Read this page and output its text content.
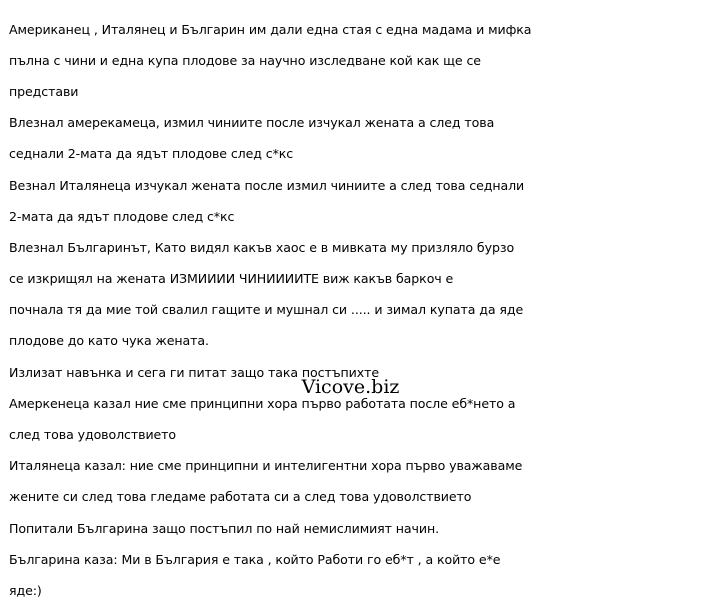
Американец , Италянец и Българин им дали една стая с една мадама и мифка

пълна с чини и една купа плодове за научно изследване кой как ще се

представи

Влезнал амерекамеца, измил чиниите после изчукал жената а след това

седнали 2-мата да ядът плодове след с*кс

Везнал Италянеца изчукал жената после измил чиниите а след това седнали

2-мата да ядът плодове след с*кс

Влезнал Българинът, Като видял какъв хаос е в мивката му призляло бурзо

се изкрищял на жената ИЗМИИИИ ЧИНИИИИТЕ виж какъв баркоч е

почнала тя да мие той свалил гащите и мушнал си ..... и зимал купата да яде

плодове до като чука жената.

Излизат навънка и сега ги питат защо така постъпихте

Амеркенеца казал ние сме принципни хора първо работата после еб*нето а

след това удоволствието

Италянеца казал: ние сме принципни и интелигентни хора първо уважаваме

жените си след това гледаме работата си а след това удоволствието

Попитали Българина защо постъпил по най немислимият начин.

Българина каза: Ми в България е така , който Работи го еб*т , а който е*е

яде:)

Vicove.biz
